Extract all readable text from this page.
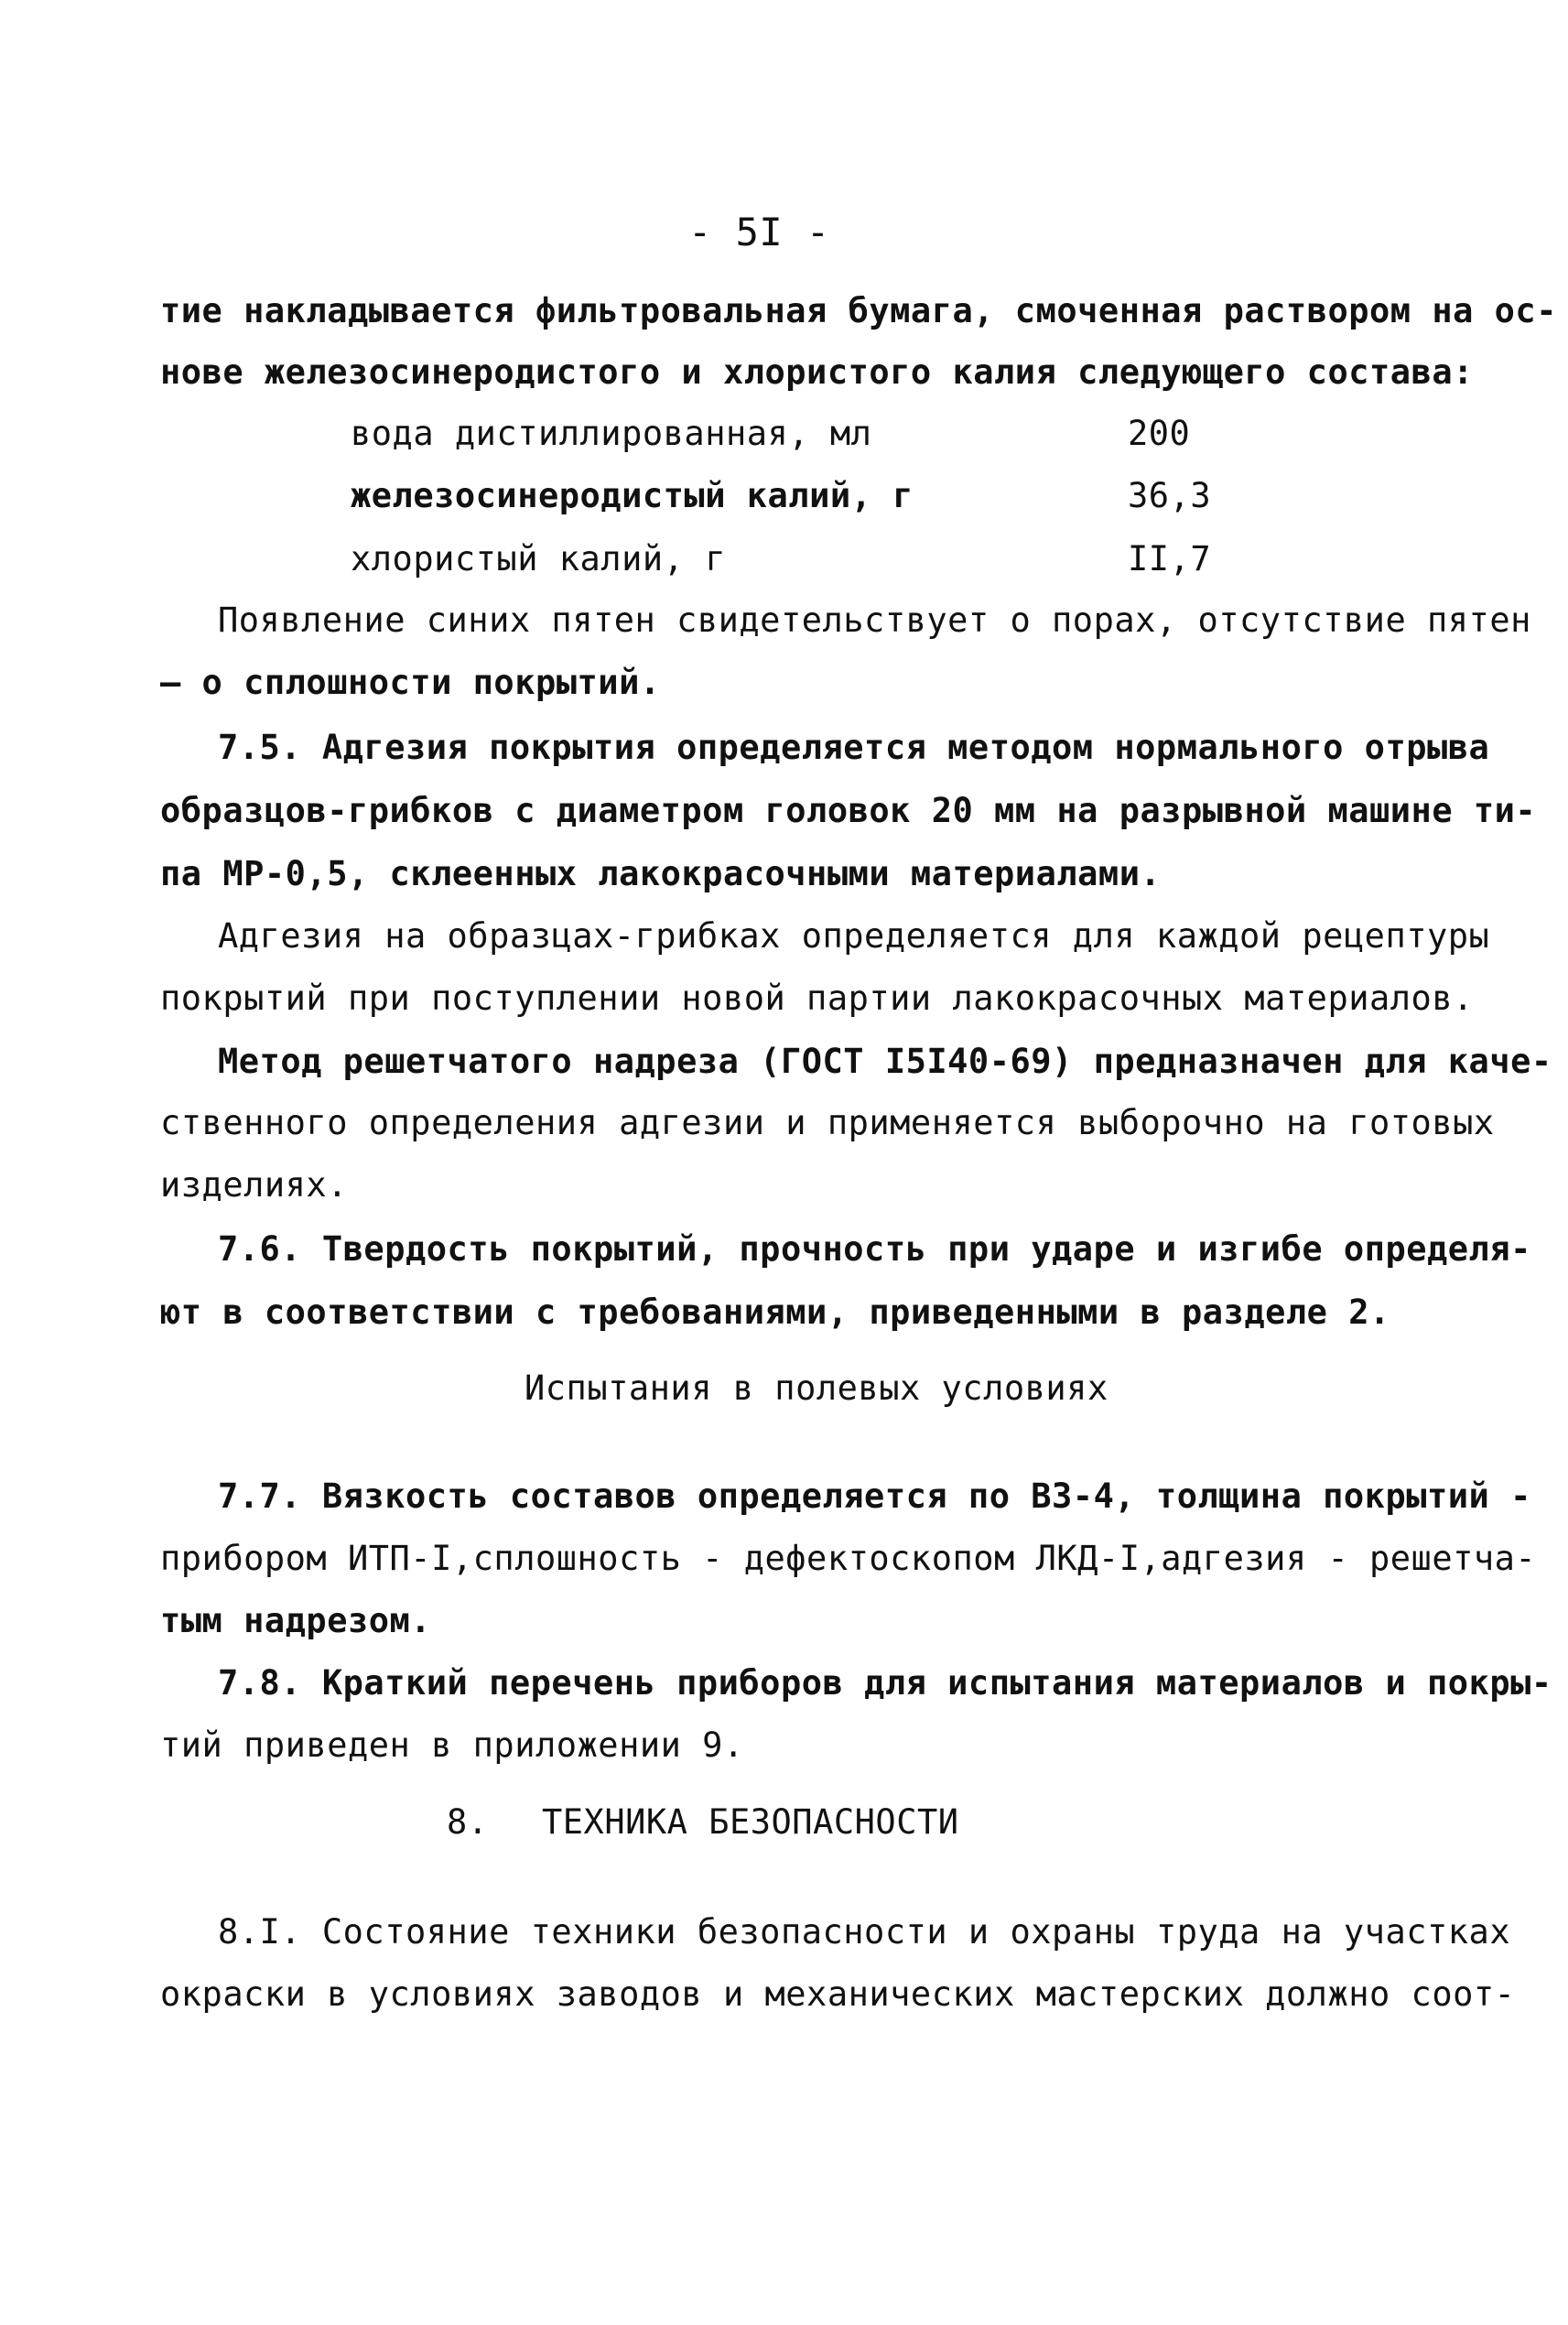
- 5I -
тие накладывается фильтровальная бумага, смоченная раствором на ос-
нове железосинеродистого и хлористого калия следующего состава:
вода дистиллированная, мл	200
железосинеродистый калий, г	36,3
хлористый калий, г	II,7
Появление синих пятен свидетельствует о порах, отсутствие пятен
– о сплошности покрытий.
7.5. Адгезия покрытия определяется методом нормального отрыва
образцов-грибков с диаметром головок 20 мм на разрывной машине ти-
па МР-0,5, склеенных лакокрасочными материалами.
Адгезия на образцах-грибках определяется для каждой рецептуры
покрытий при поступлении новой партии лакокрасочных материалов.
Метод решетчатого надреза (ГОСТ I5I40-69) предназначен для каче-
ственного определения адгезии и применяется выборочно на готовых
изделиях.
7.6. Твердость покрытий, прочность при ударе и изгибе определя-
ют в соответствии с требованиями, приведенными в разделе 2.
Испытания в полевых условиях
7.7. Вязкость составов определяется по ВЗ-4, толщина покрытий -
прибором ИТП-I,сплошность - дефектоскопом ЛКД-I,адгезия - решетча-
тым надрезом.
7.8. Краткий перечень приборов для испытания материалов и покры-
тий приведен в приложении 9.
8. ТЕХНИКА БЕЗОПАСНОСТИ
8.I. Состояние техники безопасности и охраны труда на участках
окраски в условиях заводов и механических мастерских должно соот-
